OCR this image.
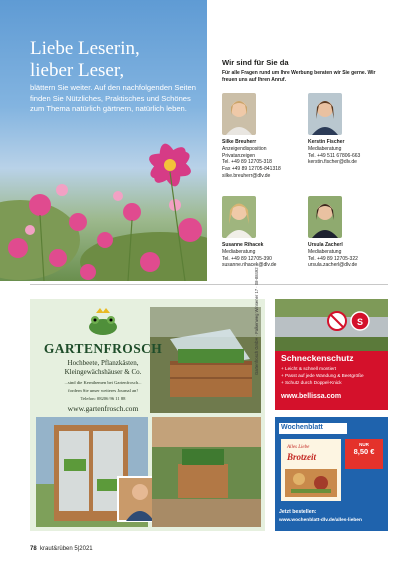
Liebe Leserin,
lieber Leser,

blättern Sie weiter. Auf den nachfolgenden Seiten finden Sie Nützliches, Praktisches und Schönes zum Thema natürlich gärtnern, natürlich leben.

Wir sind für Sie da

Für alle Fragen rund um Ihre Werbung beraten wir Sie gerne. Wir freuen uns auf Ihren Anruf.

Silke Breuherr
Anzeigendisposition
Privatanzeigen
Tel. +49 89 12705-318
Fax +49 89 12705-841318
silke.breuherr@dlv.de
Kerstin Fischer
Mediaberatung
Tel. +49 511 67806-663
kerstin.fischer@dlv.de
Susanne Rihacek
Mediaberatung
Tel. +49 89 12705-390
susanne.rihacek@dlv.de
Ursula Zacherl
Mediaberatung
Tel. +49 89 12705-322
ursula.zacherl@dlv.de
GARTENFROSCH
Hochbeete, Pflanzkästen,
Kleingewächshäuser & Co.
...sind die Kernthemen bei Gartenfrosch...
fordern Sie unser weiteres Journal an!
Telefon: 08206 96 11 88
www.gartenfrosch.com
Gartenfrosch GmbH · Falkenweg Winsener 17 · 08-88492	S
Schneckenschutz
+ Leicht & schnell montiert
+ Passt auf jede Wandung & Beetgröße
+ Schutz durch Doppel-Knick
www.bellissa.com
Wochenblatt
Alles Liebe
Brotzeit
NUR
8,50 €
Jetzt bestellen:
www.wochenblatt-dlv.de/alles-lieben
78 kraut&rüben 5|2021
